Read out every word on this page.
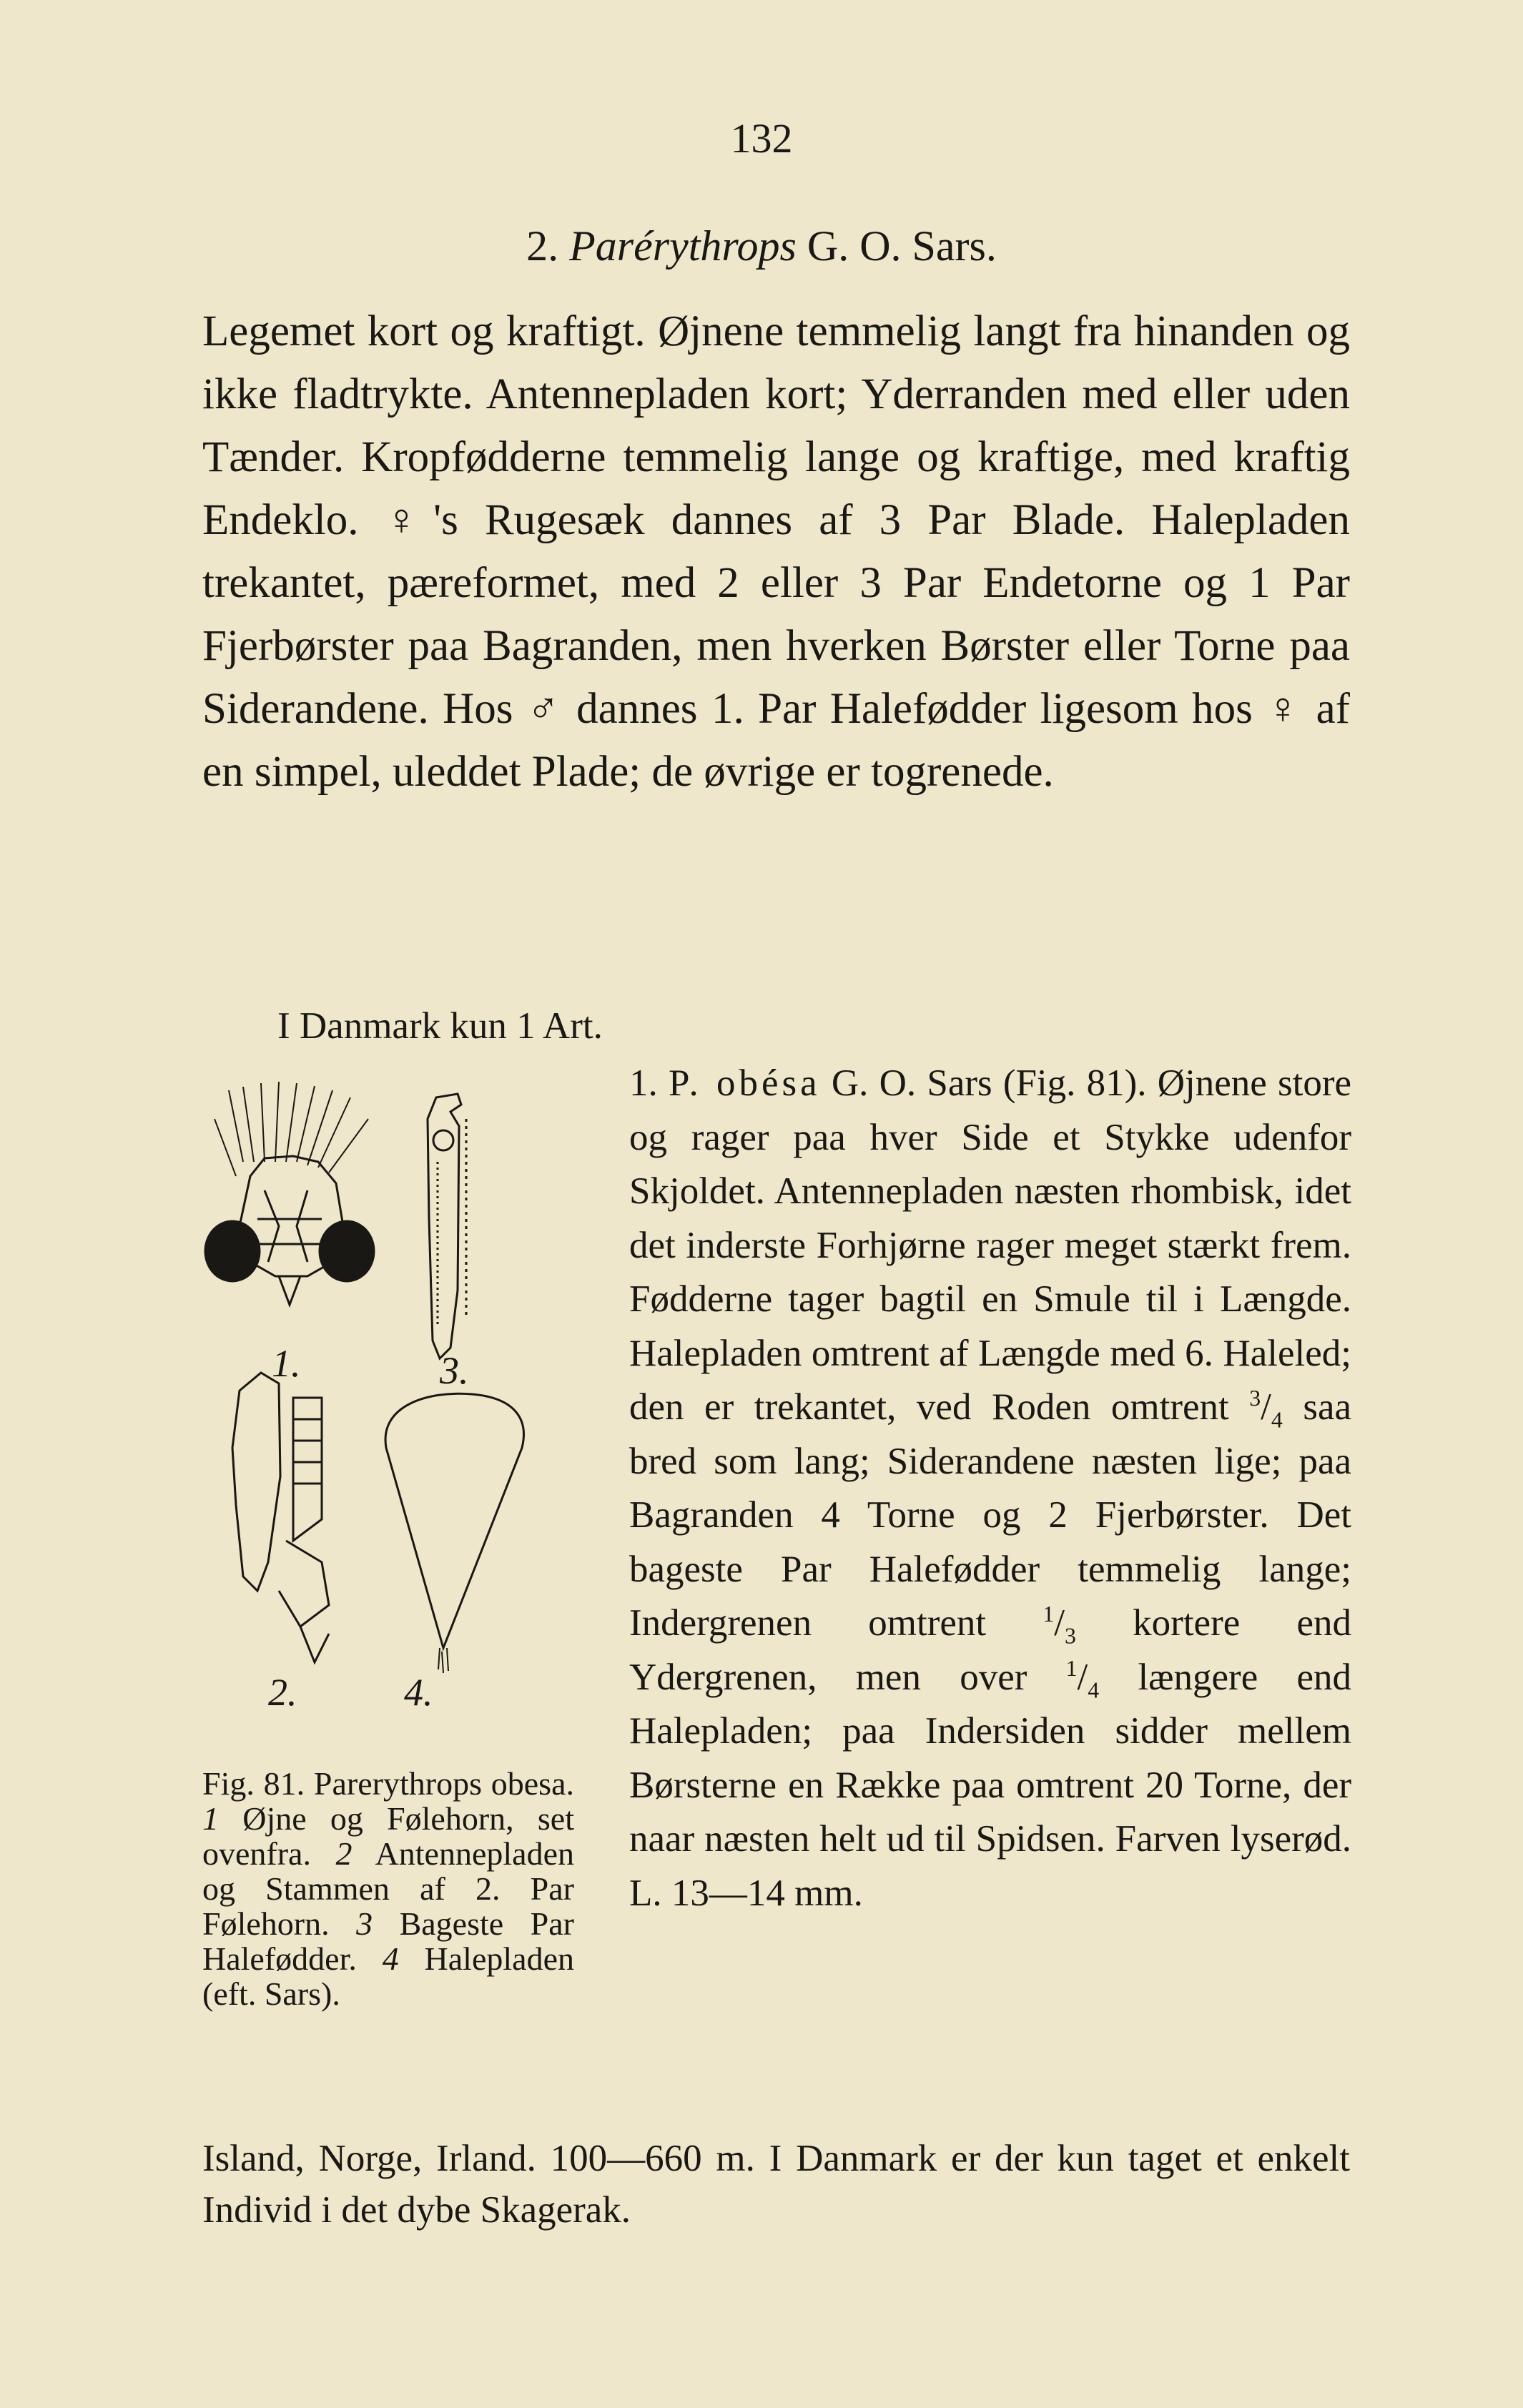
132
2. Parérythrops G. O. Sars.

Legemet kort og kraftigt. Øjnene temmelig langt fra hinanden og ikke fladtrykte. Antennepladen kort; Yderranden med eller uden Tænder. Kropfødderne temmelig lange og kraftige, med kraftig Endeklo. ♀'s Rugesæk dannes af 3 Par Blade. Halepladen trekantet, pæreformet, med 2 eller 3 Par Endetorne og 1 Par Fjerbørster paa Bagranden, men hverken Børster eller Torne paa Siderandene. Hos ♂ dannes 1. Par Halefødder ligesom hos ♀ af en simpel, uleddet Plade; de øvrige er togrenede.

I Danmark kun 1 Art.
1. P. obésa G. O. Sars (Fig. 81). Øjnene store og rager paa hver Side et Stykke udenfor Skjoldet. Antennepladen næsten rhombisk, idet det inderste Forhjørne rager meget stærkt frem. Fødderne tager bagtil en Smule til i Længde. Halepladen omtrent af Længde med 6. Haleled; den er trekantet, ved Roden omtrent $^3/_4$ saa bred som lang; Siderandene næsten lige; paa Bagranden 4 Torne og 2 Fjerbørster. Det bageste Par Halefødder temmelig lange; Indergrenen omtrent $^1/_3$ kortere end Ydergrenen, men over $^1/_4$ længere end Halepladen; paa Indersiden sidder mellem Børsterne en Række paa omtrent 20 Torne, der naar næsten helt ud til Spidsen. Farven lyserød. L. 13—14 mm.
1.
2.
3.
4.
Fig. 81. Parerythrops obesa. 1 Øjne og Følehorn, set ovenfra. 2 Antennepladen og Stammen af 2. Par Følehorn. 3 Bageste Par Halefødder. 4 Halepladen (eft. Sars).
Island, Norge, Irland. 100—660 m. I Danmark er der kun taget et enkelt Individ i det dybe Skagerak.
